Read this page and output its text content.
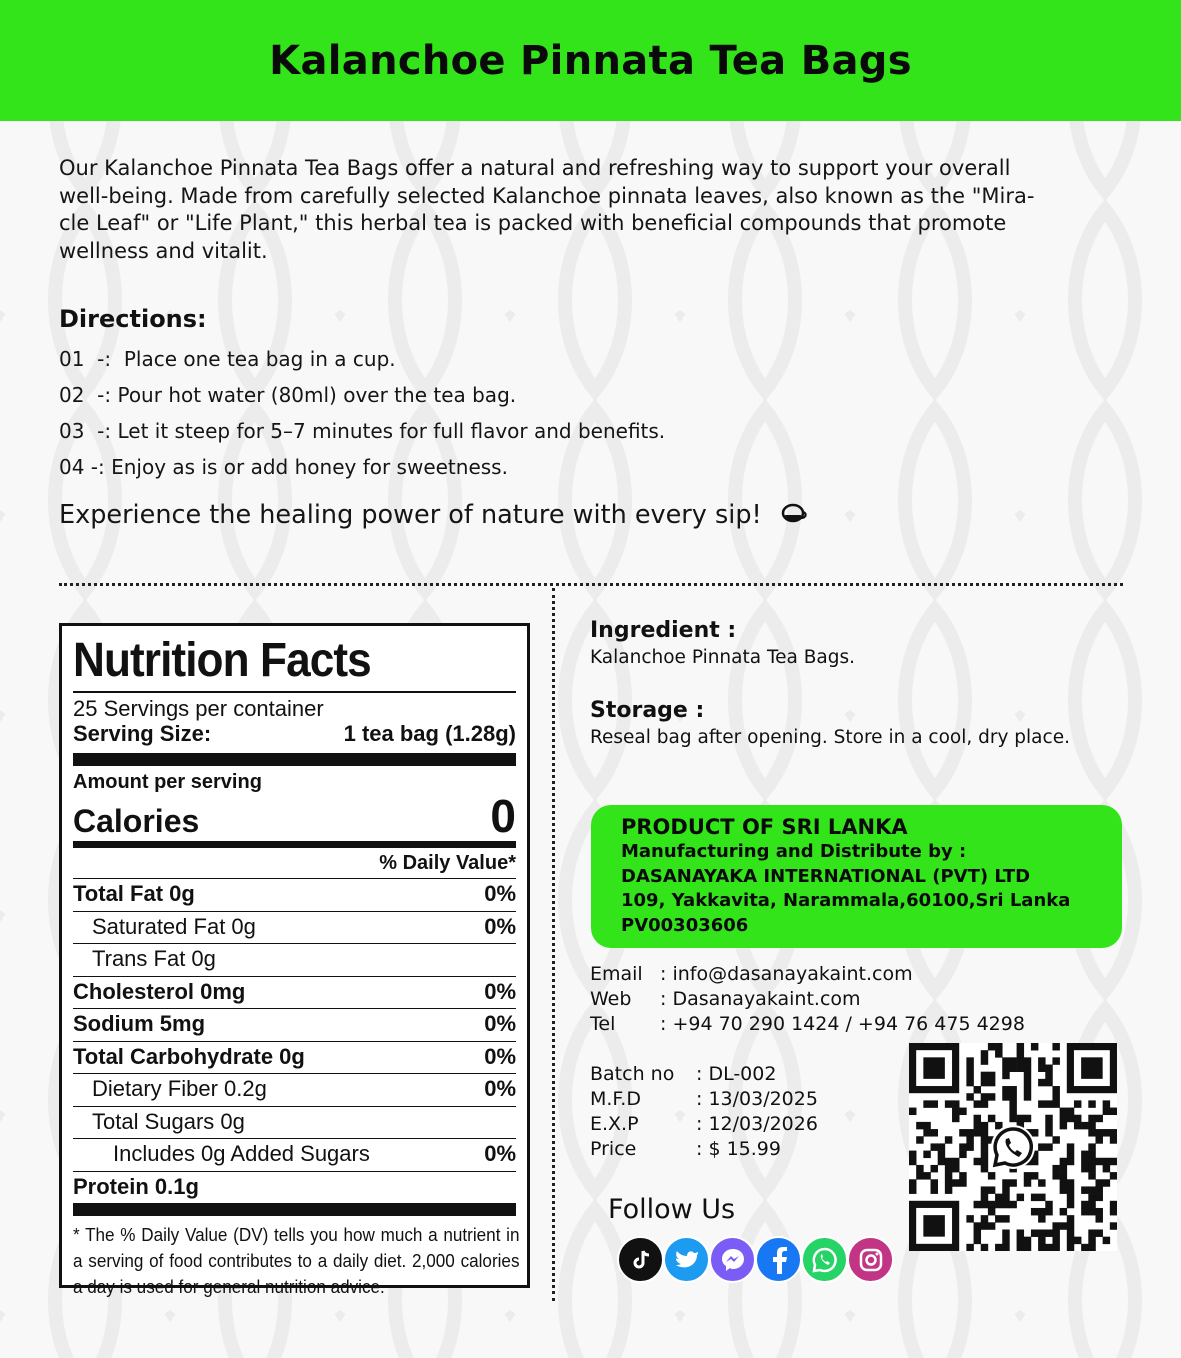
Kalanchoe Pinnata Tea Bags
Our Kalanchoe Pinnata Tea Bags offer a natural and refreshing way to support your overall
well-being. Made from carefully selected Kalanchoe pinnata leaves, also known as the "Mira-
cle Leaf" or "Life Plant," this herbal tea is packed with beneficial compounds that promote
wellness and vitalit.
Directions:
01  -:  Place one tea bag in a cup.
02  -: Pour hot water (80ml) over the tea bag.
03  -: Let it steep for 5–7 minutes for full flavor and benefits.
04 -: Enjoy as is or add honey for sweetness.
Experience the healing power of nature with every sip!
Nutrition Facts
25 Servings per container
Serving Size:	1 tea bag (1.28g)
Amount per serving
Calories	0
% Daily Value*
Total Fat 0g	0%
Saturated Fat 0g	0%
Trans Fat 0g
Cholesterol 0mg	0%
Sodium 5mg	0%
Total Carbohydrate 0g	0%
Dietary Fiber 0.2g	0%
Total Sugars 0g
Includes 0g Added Sugars	0%
Protein 0.1g
* The % Daily Value (DV) tells you how much a nutrient in a serving of food contributes to a daily diet. 2,000 calories a day is used for general nutrition advice.
Ingredient :
Kalanchoe Pinnata Tea Bags.
Storage :
Reseal bag after opening. Store in a cool, dry place.
PRODUCT OF SRI LANKA
Manufacturing and Distribute by :
DASANAYAKA INTERNATIONAL (PVT) LTD
109, Yakkavita, Narammala,60100,Sri Lanka
PV00303606
Email : info@dasanayakaint.com
Web	: Dasanayakaint.com
Tel	: +94 70 290 1424 / +94 76 475 4298
Batch no	: DL-002
M.F.D	: 13/03/2025
E.X.P	: 12/03/2026
Price	: $ 15.99
Follow Us
